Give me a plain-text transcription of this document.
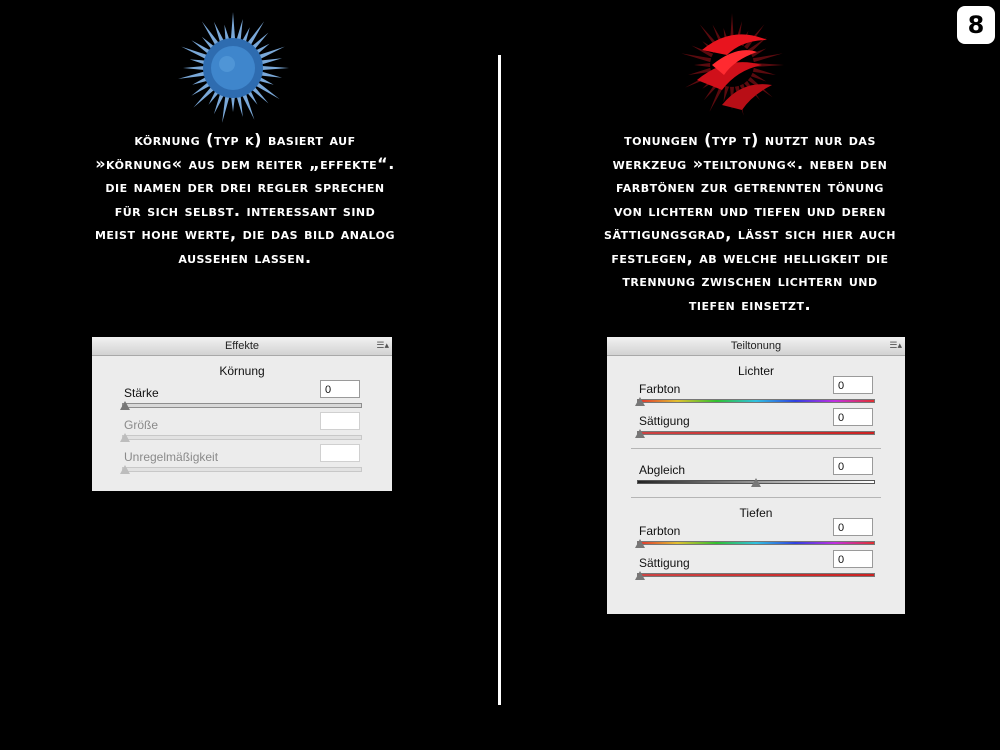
8
körnung (typ k) basiert auf
»körnung« aus dem reiter „effekte“.
die namen der drei regler sprechen
für sich selbst. interessant sind
meist hohe werte, die das bild analog
aussehen lassen.
tonungen (typ t) nutzt nur das
werkzeug »teiltonung«. neben den
farbtönen zur getrennten tönung
von lichtern und tiefen und deren
sättigungsgrad, lässt sich hier auch
festlegen, ab welche helligkeit die
trennung zwischen lichtern und
tiefen einsetzt.
Effekte	☰▴
Körnung
Stärke	0
Größe
Unregelmäßigkeit
Teiltonung	☰▴
Lichter
Farbton	0
Sättigung	0
Abgleich	0
Tiefen
Farbton	0
Sättigung	0
